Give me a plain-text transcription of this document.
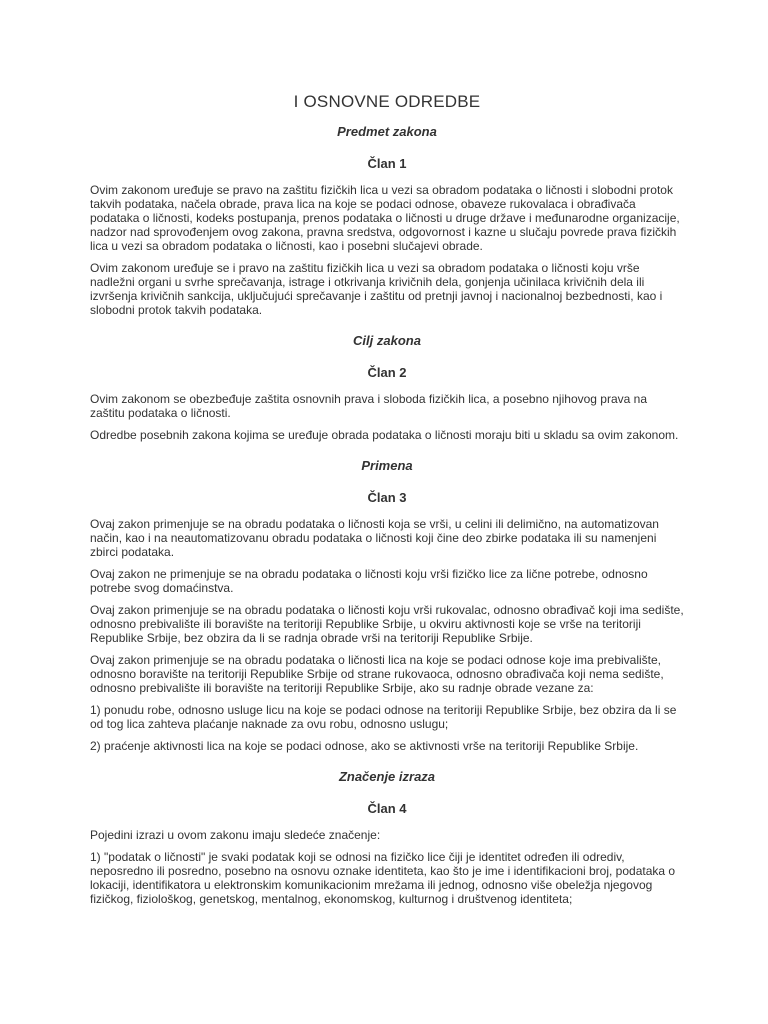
I OSNOVNE ODREDBE
Predmet zakona
Član 1

Ovim zakonom uređuje se pravo na zaštitu fizičkih lica u vezi sa obradom podataka o ličnosti i slobodni protok takvih podataka, načela obrade, prava lica na koje se podaci odnose, obaveze rukovalaca i obrađivača podataka o ličnosti, kodeks postupanja, prenos podataka o ličnosti u druge države i međunarodne organizacije, nadzor nad sprovođenjem ovog zakona, pravna sredstva, odgovornost i kazne u slučaju povrede prava fizičkih lica u vezi sa obradom podataka o ličnosti, kao i posebni slučajevi obrade.

Ovim zakonom uređuje se i pravo na zaštitu fizičkih lica u vezi sa obradom podataka o ličnosti koju vrše nadležni organi u svrhe sprečavanja, istrage i otkrivanja krivičnih dela, gonjenja učinilaca krivičnih dela ili izvršenja krivičnih sankcija, uključujući sprečavanje i zaštitu od pretnji javnoj i nacionalnoj bezbednosti, kao i slobodni protok takvih podataka.

Cilj zakona
Član 2

Ovim zakonom se obezbeđuje zaštita osnovnih prava i sloboda fizičkih lica, a posebno njihovog prava na zaštitu podataka o ličnosti.

Odredbe posebnih zakona kojima se uređuje obrada podataka o ličnosti moraju biti u skladu sa ovim zakonom.

Primena
Član 3

Ovaj zakon primenjuje se na obradu podataka o ličnosti koja se vrši, u celini ili delimično, na automatizovan način, kao i na neautomatizovanu obradu podataka o ličnosti koji čine deo zbirke podataka ili su namenjeni zbirci podataka.

Ovaj zakon ne primenjuje se na obradu podataka o ličnosti koju vrši fizičko lice za lične potrebe, odnosno potrebe svog domaćinstva.

Ovaj zakon primenjuje se na obradu podataka o ličnosti koju vrši rukovalac, odnosno obrađivač koji ima sedište, odnosno prebivalište ili boravište na teritoriji Republike Srbije, u okviru aktivnosti koje se vrše na teritoriji Republike Srbije, bez obzira da li se radnja obrade vrši na teritoriji Republike Srbije.

Ovaj zakon primenjuje se na obradu podataka o ličnosti lica na koje se podaci odnose koje ima prebivalište, odnosno boravište na teritoriji Republike Srbije od strane rukovaoca, odnosno obrađivača koji nema sedište, odnosno prebivalište ili boravište na teritoriji Republike Srbije, ako su radnje obrade vezane za:

1) ponudu robe, odnosno usluge licu na koje se podaci odnose na teritoriji Republike Srbije, bez obzira da li se od tog lica zahteva plaćanje naknade za ovu robu, odnosno uslugu;

2) praćenje aktivnosti lica na koje se podaci odnose, ako se aktivnosti vrše na teritoriji Republike Srbije.

Značenje izraza
Član 4

Pojedini izrazi u ovom zakonu imaju sledeće značenje:

1) "podatak o ličnosti" je svaki podatak koji se odnosi na fizičko lice čiji je identitet određen ili odrediv, neposredno ili posredno, posebno na osnovu oznake identiteta, kao što je ime i identifikacioni broj, podataka o lokaciji, identifikatora u elektronskim komunikacionim mrežama ili jednog, odnosno više obeležja njegovog fizičkog, fiziološkog, genetskog, mentalnog, ekonomskog, kulturnog i društvenog identiteta;
